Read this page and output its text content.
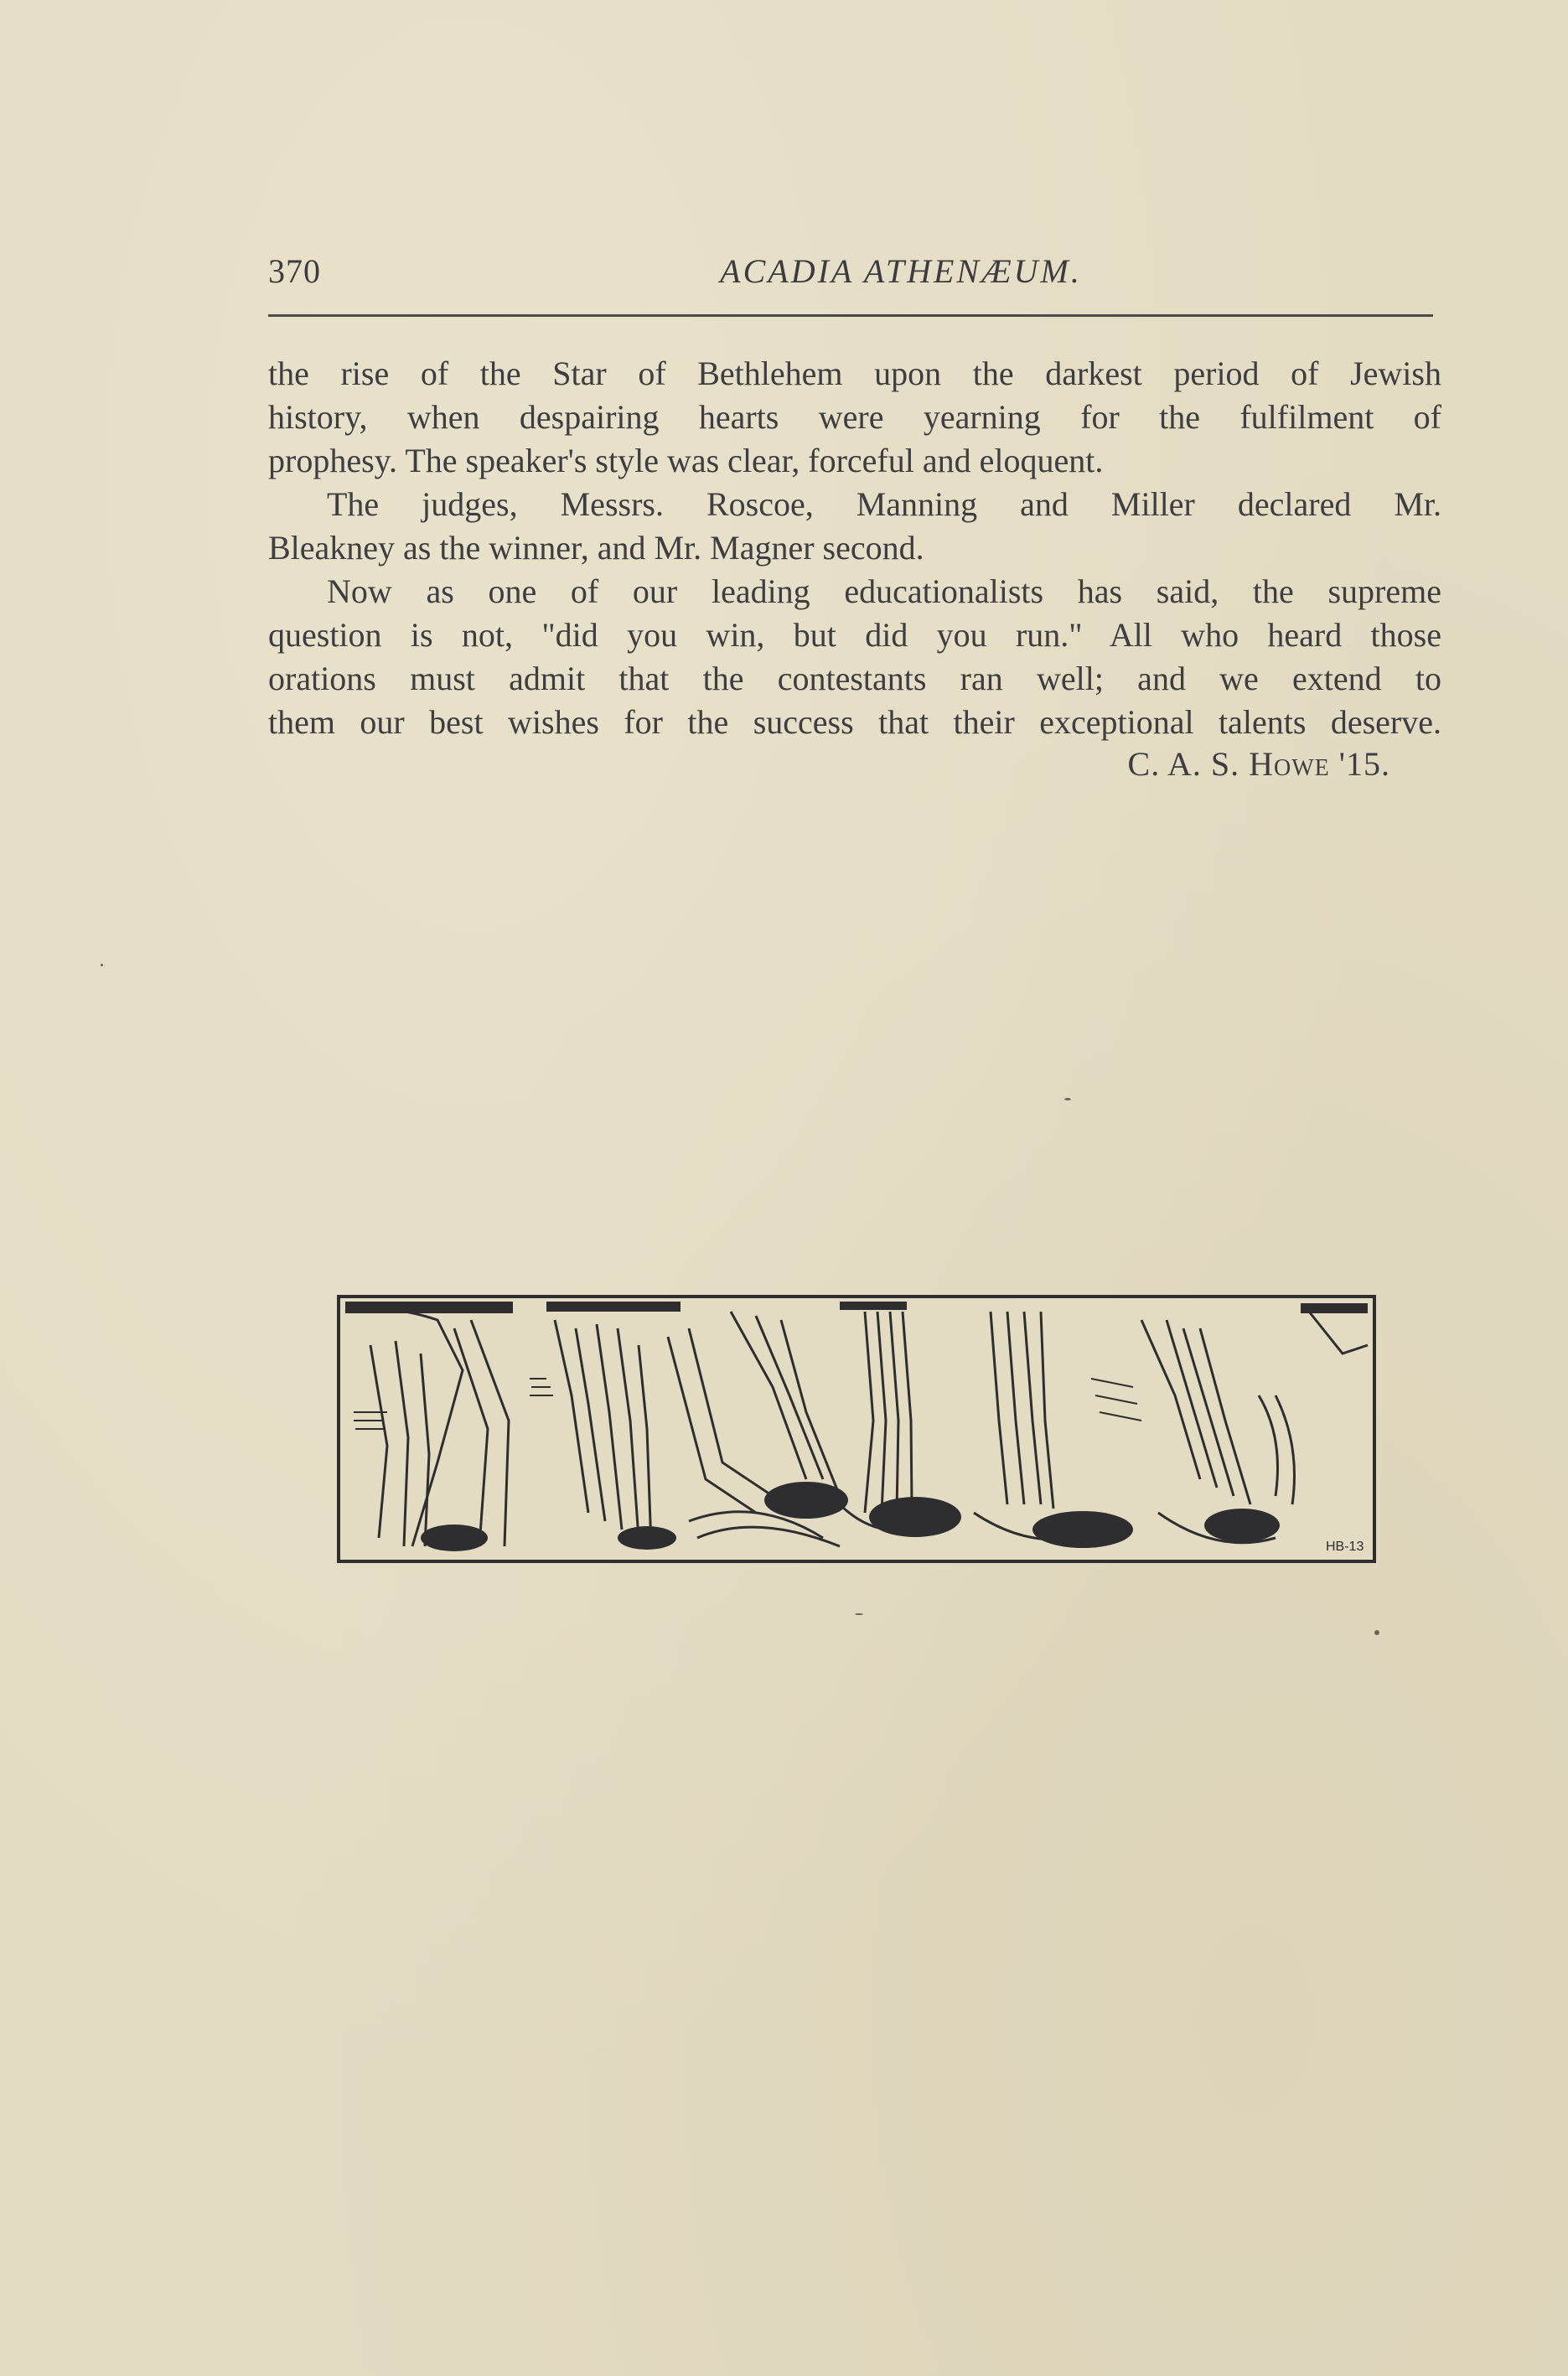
370	ACADIA ATHENÆUM.

the rise of the Star of Bethlehem upon the darkest period of Jewish
history, when despairing hearts were yearning for the fulfilment of

prophesy. The speaker's style was clear, forceful and eloquent.

The judges, Messrs. Roscoe, Manning and Miller declared Mr.

Bleakney as the winner, and Mr. Magner second.

Now as one of our leading educationalists has said, the supreme

question is not, "did you win, but did you run." All who heard those
orations must admit that the contestants ran well; and we extend to
them our best wishes for the success that their exceptional talents deserve.

C. A. S. Howe '15.
HB-13
